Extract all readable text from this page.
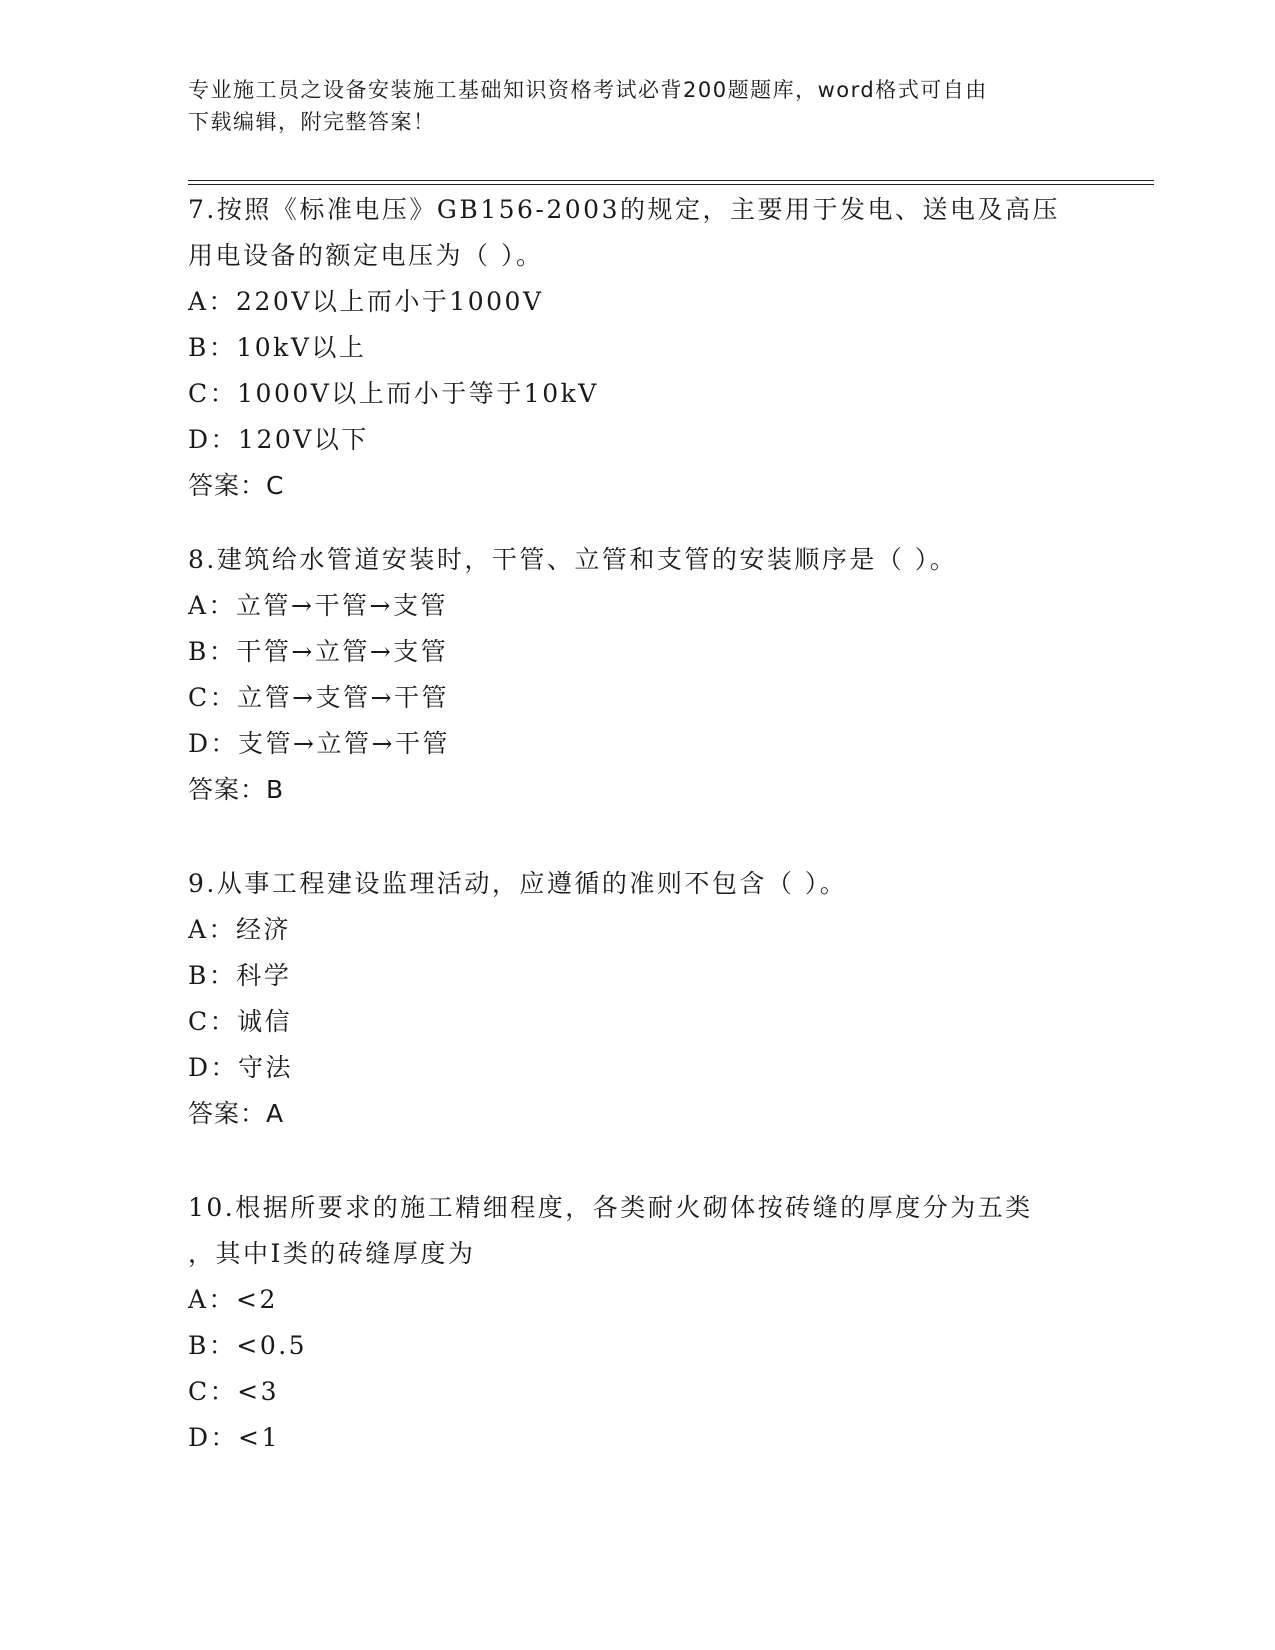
专业施工员之设备安装施工基础知识资格考试必背200题题库，word格式可自由
下载编辑，附完整答案！
7.按照《标准电压》GB156-2003的规定，主要用于发电、送电及高压
用电设备的额定电压为（ ）。
A：220V以上而小于1000V
B：10kV以上
C：1000V以上而小于等于10kV
D：120V以下
答案：C
8.建筑给水管道安装时，干管、立管和支管的安装顺序是（ ）。
A：立管→干管→支管
B：干管→立管→支管
C：立管→支管→干管
D：支管→立管→干管
答案：B
9.从事工程建设监理活动，应遵循的准则不包含（ ）。
A：经济
B：科学
C：诚信
D：守法
答案：A
10.根据所要求的施工精细程度，各类耐火砌体按砖缝的厚度分为五类
，其中Ⅰ类的砖缝厚度为
A：<2
B：<0.5
C：<3
D：<1
